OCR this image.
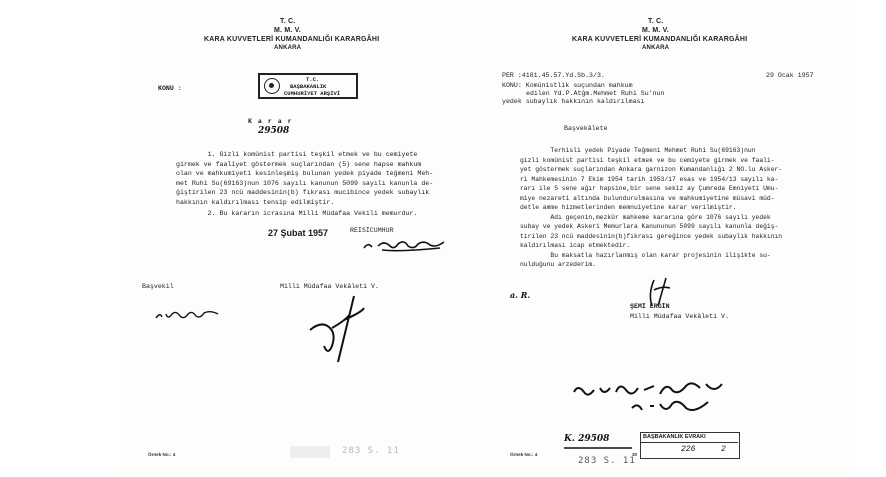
T. C.
M. M. V.
KARA KUVVETLERİ KUMANDANLIĞI KARARGÂHI
ANKARA
KONU :
T.C.
BAŞBAKANLIK
CUMHURİYET ARŞİVİ
K a r a r
29508
1. Gizli komünist partisi teşkil etmek ve bu cemiyete
girmek ve faaliyet göstermek suçlarından (5) sene hapse mahkum
olan ve mahkumiyeti kesinleşmiş bulunan yedek piyade teğmeni Meh-
met Ruhi Su(69163)nun 1076 sayılı kanunun 5099 sayılı kanunla de-
ğiştirilen 23 ncü maddesinin(b) fıkrası mucibince yedek subaylık
hakkının kaldırılması tensip edilmiştir.
2. Bu kararın icrasına Milli Müdafaa Vekili memurdur.
27 Şubat 1957	REİSİCUMHUR
Başvekil	Milli Müdafaa Vekâleti V.
Örnek No.: 4	283 S. 11
T. C.
M. M. V.
KARA KUVVETLERİ KUMANDANLIĞI KARARGÂHI
ANKARA
PER :4181.45.57.Yd.Sb.3/3.	29 Ocak 1957
KONU: Komünistlik suçundan mahkum
edilen Yd.P.Atğm.Mehmet Ruhi Su'nun
yedek subaylık hakkının kaldırılması
Başvekâlete
Terhisli yedek Piyade Teğmeni Mehmet Ruhi Su(69163)nun
gizli komünist partisi teşkil etmek ve bu cemiyete girmek ve faali-
yet göstermek suçlarından Ankara garnizon Kumandanlığı 2 NO.lu Asker-
ri Mahkemesinin 7 Ekim 1954 tarih 1953/17 esas ve 1954/13 sayılı ka-
rarı ile 5 sene ağır hapsine,bir sene sekiz ay Çumreda Emniyeti Umu-
miye nezareti altında bulundurulmasına ve mahkumiyetine müsavi müd-
detle amme hizmetlerinden memnuiyetine karar verilmiştir.
Adı geçenin,mezkûr mahkeme kararına göre 1076 sayılı yedek
subay ve yedek Askeri Memurlara Kanununun 5099 sayılı kanunla değiş-
tirilen 23 ncü maddesinin(b)fıkrası gereğince yedek subaylık hakkının
kaldırılması icap etmektedir.
Bu maksatla hazırlanmış olan karar projesinin ilişikte su-
nulduğunu arzederim.
ŞEMİ ERGİN
Milli Müdafaa Vekâleti V.
a. R.
Örnek No.: 4
K. 29508
283 S. 11
30
BAŞBAKANLIK EVRAKI
226	2
